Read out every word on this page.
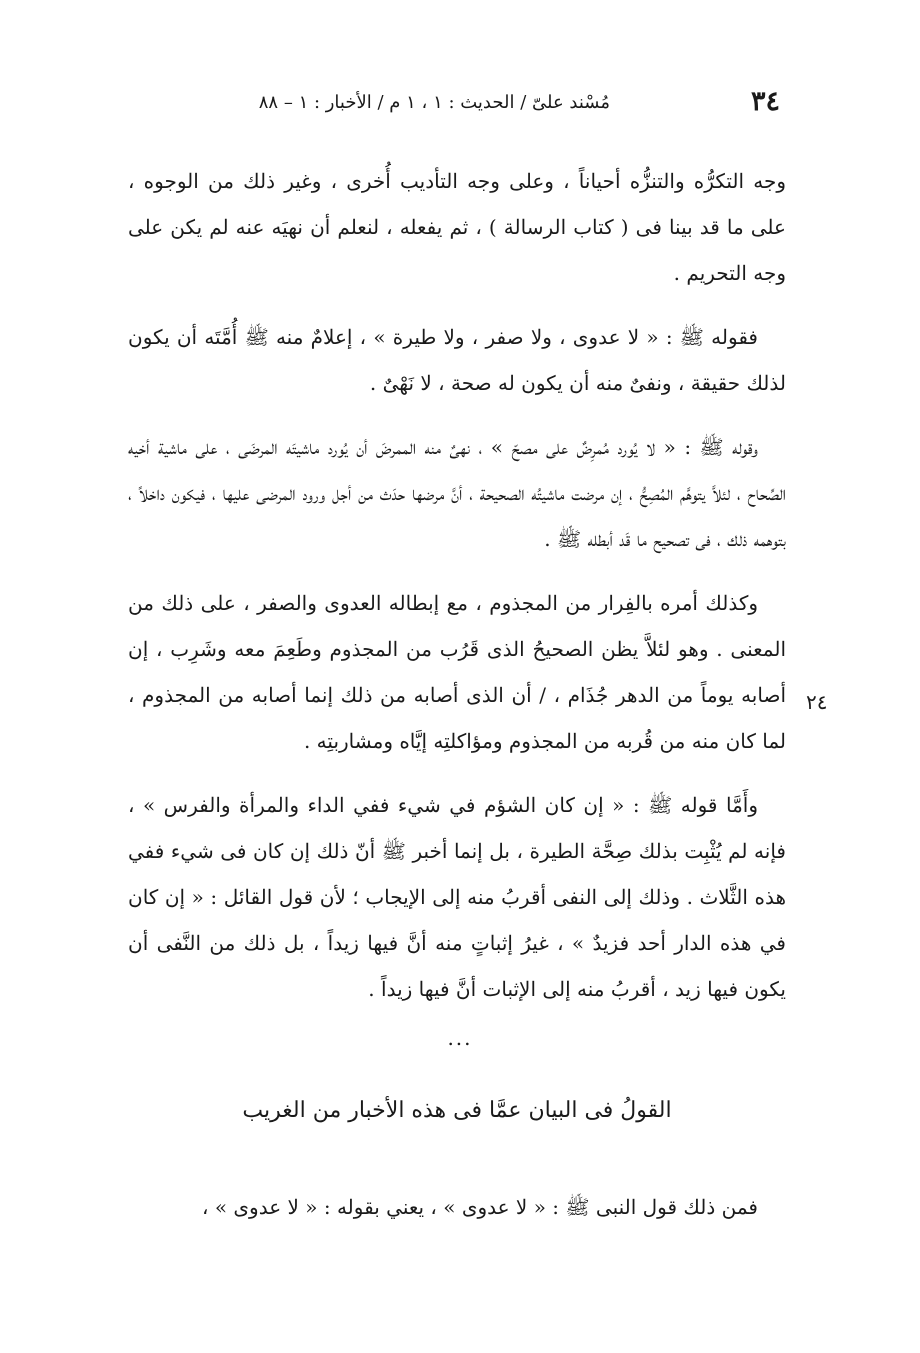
٣٤
مُسْند علىّ / الحديث : ١ ، ١ م / الأخبار : ١ – ٨٨

وجه التكرُّه والتنزُّه أحياناً ، وعلى وجه التأديب أُخرى ، وغير ذلك من الوجوه ، على ما قد بينا فى ( كتاب الرسالة ) ، ثم يفعله ، لنعلم أن نهيَه عنه لم يكن على وجه التحريم .

فقوله ﷺ : « لا عدوى ، ولا صفر ، ولا طيرة » ، إعلامٌ منه ﷺ أُمَّتَه أن يكون لذلك حقيقة ، ونفىٌ منه أن يكون له صحة ، لا نَهْىٌ .

وقوله ﷺ : « لا يُورد مُمرِضٌ على مصحّ » ، نهىٌ منه الممرضَ أن يُورد ماشيتَه المرضَى ، على ماشية أخيه الصِّحاح ، لئلاَّ يتوهَّم المُصِحُّ ، إن مرضت ماشيتُه الصحيحة ، أنَّ مرضها حدَث من أجل ورود المرضى عليها ، فيكون داخلاً ، بتوهمه ذلك ، فى تصحيح ما قَد أبطله ﷺ .

وكذلك أمره بالفِرار من المجذوم ، مع إبطاله العدوى والصفر ، على ذلك من المعنى . وهو لئلاَّ يظن الصحيحُ الذى قَرُب من المجذوم وطَعِمَ معه وشَرِب ، إن أصابه يوماً من الدهر جُذَام ، / أن الذى أصابه من ذلك إنما أصابه من المجذوم ، لما كان منه من قُربه من المجذوم ومؤاكلتِه إيَّاه ومشاربتِه .

وأَمَّا قوله ﷺ : « إن كان الشؤم في شيء ففي الداء والمرأة والفرس » ، فإنه لم يُثْبِت بذلك صِحَّة الطيرة ، بل إنما أخبر ﷺ أنّ ذلك إن كان فى شيء ففي هذه الثَّلاث . وذلك إلى النفى أقربُ منه إلى الإيجاب ؛ لأن قول القائل : « إن كان في هذه الدار أحد فزيدٌ » ، غيرُ إثباتٍ منه أنَّ فيها زيداً ، بل ذلك من النَّفى أن يكون فيها زيد ، أقربُ منه إلى الإثبات أنَّ فيها زيداً .

٢٤
...
القولُ فى البيان عمَّا فى هذه الأخبار من الغريب
فمن ذلك قول النبى ﷺ : « لا عدوى » ، يعني بقوله : « لا عدوى » ،
